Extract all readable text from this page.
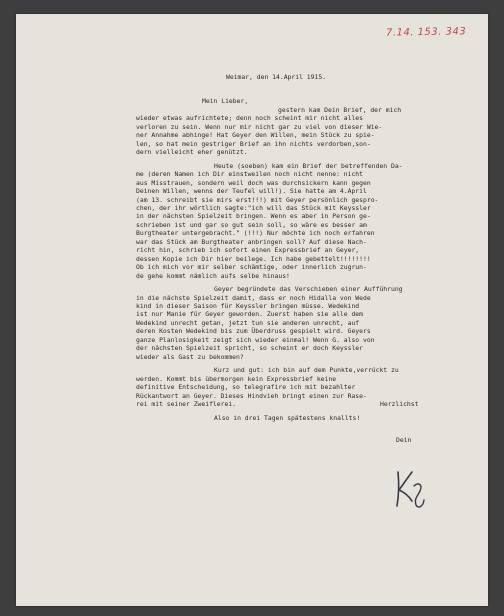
7.14. 153. 343

Weimar, den 14.April 1915.

Mein Lieber,

gestern kam Dein Brief, der mich
wieder etwas aufrichtete; denn noch scheint mir nicht alles
verloren zu sein. Wenn nur mir nicht gar zu viel von dieser Wie-
ner Annahme abhinge! Hat Geyer den Willen, mein Stück zu spie-
len, so hat mein gestriger Brief an ihn nichts verdorben,son-
dern vielleicht eher genützt.
Heute (soeben) kam ein Brief der betreffenden Da-
me (deren Namen ich Dir einstweilen noch nicht nenne: nicht
aus Misstrauen, sondern weil doch was durchsickern kann gegen
Deinen Willen, wenns der Teufel will!). Sie hatte am 4.April
(am 13. schreibt sie mirs erst!!!) mit Geyer persönlich gespro-
chen, der ihr wörtlich sagte:"ich will das Stück mit Keyssler
in der nächsten Spielzeit bringen. Wenn es aber in Person ge-
schrieben ist und gar so gut sein soll, so wäre es besser am
Burgtheater untergebracht." (!!!) Nur möchte ich noch erfahren
war das Stück am Burgtheater anbringen soll? Auf diese Nach-
richt hin, schrieb ich sofort einen Expressbrief an Geyer,
dessen Kopie ich Dir hier beilege. Ich habe gebettelt!!!!!!!!
Ob ich mich vor mir selber schämtige, oder innerlich zugrun-
de gehe kommt nämlich aufs selbe hinaus!
Geyer begründete das Verschieben einer Aufführung
in die nächste Spielzeit damit, dass er noch Hidalla von Wede
kind in dieser Saison für Keyssler bringen müsse. Wedekind
ist nur Manie für Geyer geworden. Zuerst haben sie alle dem
Wedekind unrecht getan, jetzt tun sie anderen unrecht, auf
deren Kosten Wedekind bis zum Überdruss gespielt wird. Geyers
ganze Planlosigkeit zeigt sich wieder einmal! Wenn G. also von
der nächsten Spielzeit spricht, so scheint er doch Keyssler
wieder als Gast zu bekommen?
Kurz und gut: ich bin auf dem Punkte,verrückt zu
werden. Kommt bis übermorgen kein Expressbrief keine
definitive Entscheidung, so telegrafire ich mit bezahlter
Rückantwort an Geyer. Dieses Hindvieh bringt einen zur Rase-
rei mit seiner Zweiflerei.
Also in drei Tagen spätestens knallts!

Herzlichst

Dein
